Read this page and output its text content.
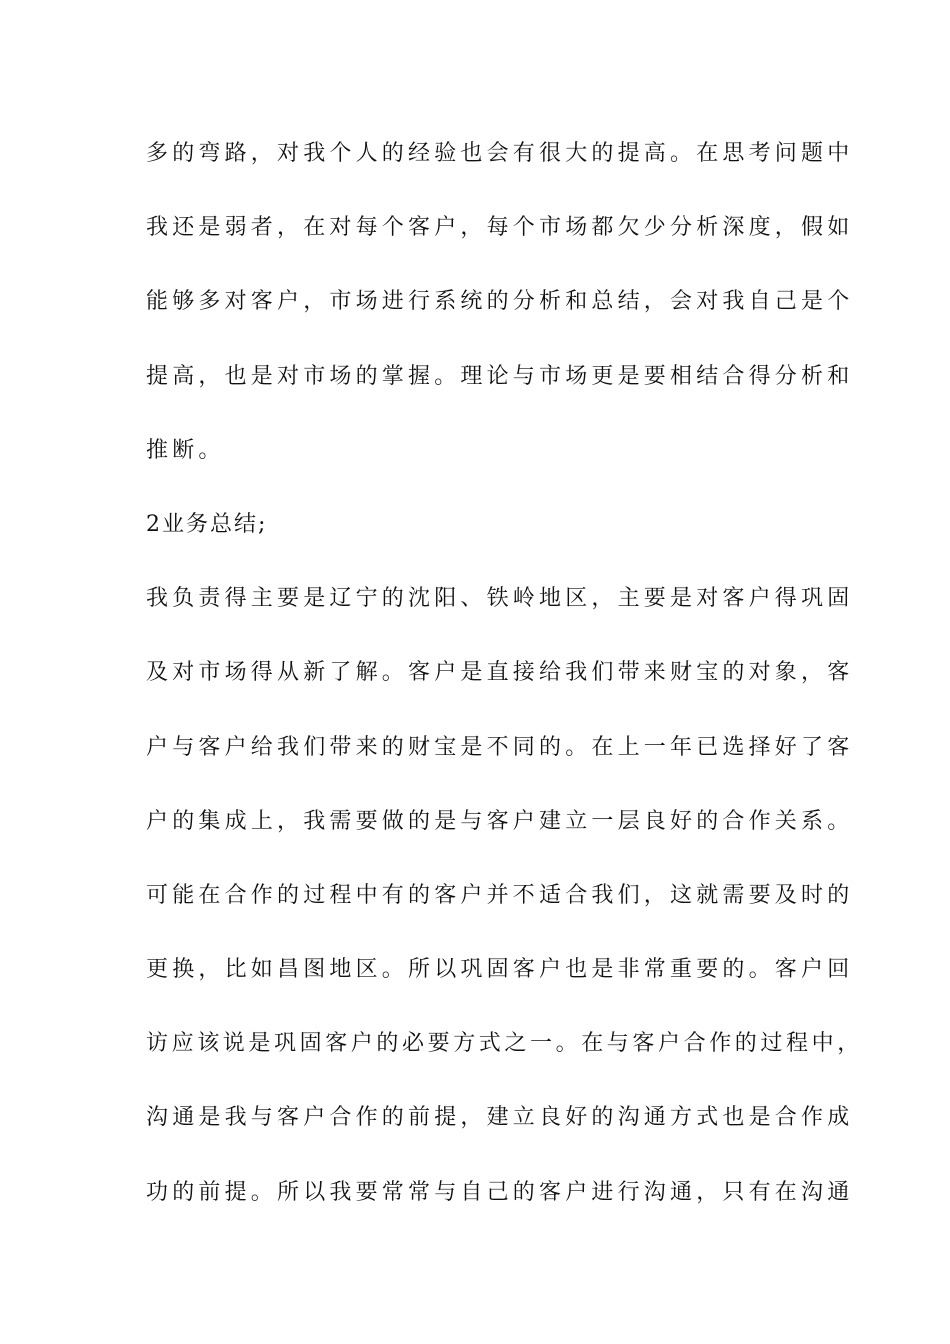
多的弯路，对我个人的经验也会有很大的提高。在思考问题中
我还是弱者，在对每个客户，每个市场都欠少分析深度，假如
能够多对客户，市场进行系统的分析和总结，会对我自己是个
提高，也是对市场的掌握。理论与市场更是要相结合得分析和
推断。
2业务总结;
我负责得主要是辽宁的沈阳、铁岭地区，主要是对客户得巩固
及对市场得从新了解。客户是直接给我们带来财宝的对象，客
户与客户给我们带来的财宝是不同的。在上一年已选择好了客
户的集成上，我需要做的是与客户建立一层良好的合作关系。
可能在合作的过程中有的客户并不适合我们，这就需要及时的
更换，比如昌图地区。所以巩固客户也是非常重要的。客户回
访应该说是巩固客户的必要方式之一。在与客户合作的过程中，
沟通是我与客户合作的前提，建立良好的沟通方式也是合作成
功的前提。所以我要常常与自己的客户进行沟通，只有在沟通
